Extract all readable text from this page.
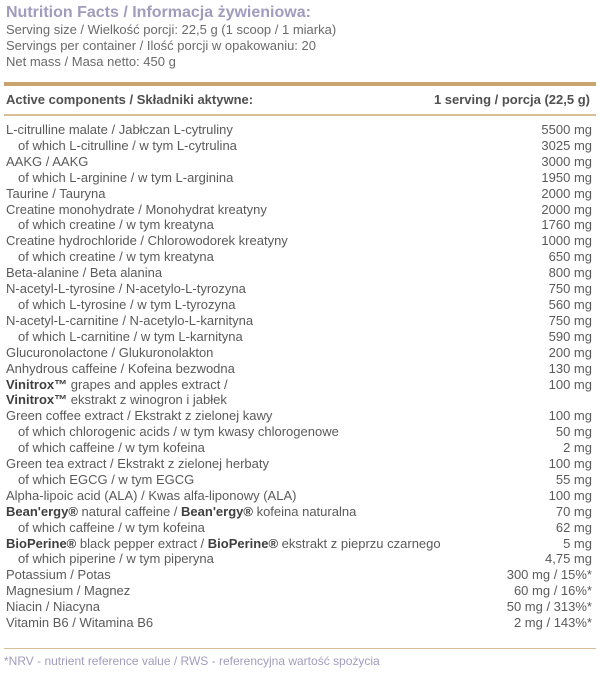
Nutrition Facts / Informacja żywieniowa:
Serving size / Wielkość porcji: 22,5 g (1 scoop / 1 miarka)
Servings per container / Ilość porcji w opakowaniu: 20
Net mass / Masa netto: 450 g
Active components / Składniki aktywne:	1 serving / porcja (22,5 g)
L-citrulline malate / Jabłczan L-cytruliny	5500 mg
of which L-citrulline / w tym L-cytrulina	3025 mg
AAKG / AAKG	3000 mg
of which L-arginine / w tym L-arginina	1950 mg
Taurine / Tauryna	2000 mg
Creatine monohydrate / Monohydrat kreatyny	2000 mg
of which creatine / w tym kreatyna	1760 mg
Creatine hydrochloride / Chlorowodorek kreatyny	1000 mg
of which creatine / w tym kreatyna	650 mg
Beta-alanine / Beta alanina	800 mg
N-acetyl-L-tyrosine / N-acetylo-L-tyrozyna	750 mg
of which L-tyrosine / w tym L-tyrozyna	560 mg
N-acetyl-L-carnitine / N-acetylo-L-karnityna	750 mg
of which L-carnitine / w tym L-karnityna	590 mg
Glucuronolactone / Glukuronolakton	200 mg
Anhydrous caffeine / Kofeina bezwodna	130 mg
Vinitrox™ grapes and apples extract /
Vinitrox™ ekstrakt z winogron i jabłek
100 mg
Green coffee extract / Ekstrakt z zielonej kawy	100 mg
of which chlorogenic acids / w tym kwasy chlorogenowe	50 mg
of which caffeine / w tym kofeina	2 mg
Green tea extract / Ekstrakt z zielonej herbaty	100 mg
of which EGCG / w tym EGCG	55 mg
Alpha-lipoic acid (ALA) / Kwas alfa-liponowy (ALA)	100 mg
Bean'ergy® natural caffeine / Bean'ergy® kofeina naturalna	70 mg
of which caffeine / w tym kofeina	62 mg
BioPerine® black pepper extract / BioPerine® ekstrakt z pieprzu czarnego	5 mg
of which piperine / w tym piperyna	4,75 mg
Potassium / Potas	300 mg / 15%*
Magnesium / Magnez	60 mg / 16%*
Niacin / Niacyna	50 mg / 313%*
Vitamin B6 / Witamina B6	2 mg / 143%*
*NRV - nutrient reference value / RWS - referencyjna wartość spożycia
